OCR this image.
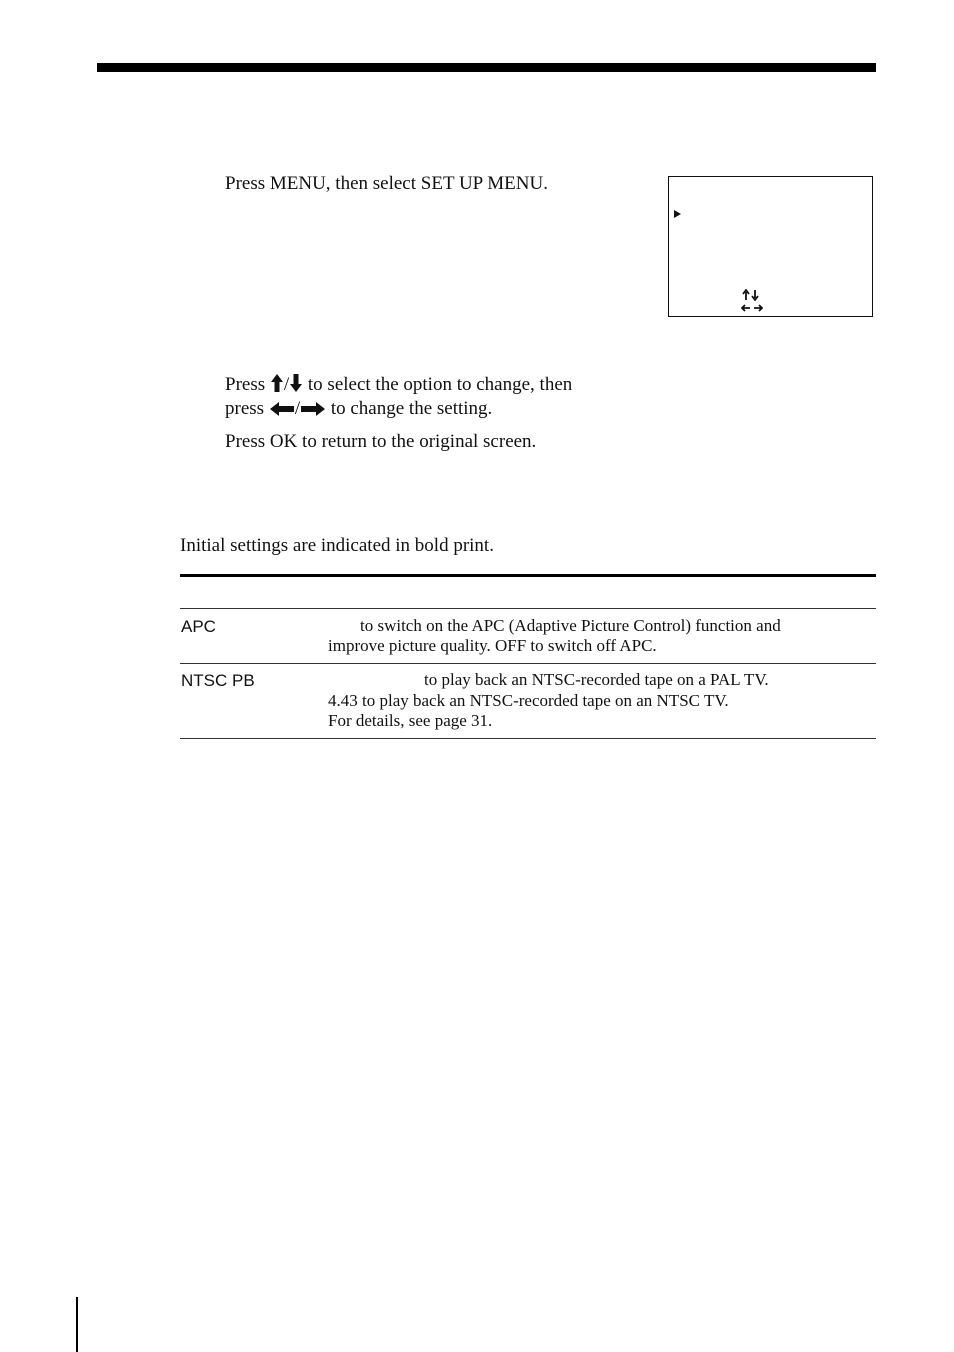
Press MENU, then select SET UP MENU.
Press / to select the option to change, then
press / to change the setting.
Press OK to return to the original screen.
Initial settings are indicated in bold print.
APC	to switch on the APC (Adaptive Picture Control) function and
improve picture quality. OFF to switch off APC.
NTSC PB	to play back an NTSC-recorded tape on a PAL TV.
4.43 to play back an NTSC-recorded tape on an NTSC TV.
For details, see page 31.
